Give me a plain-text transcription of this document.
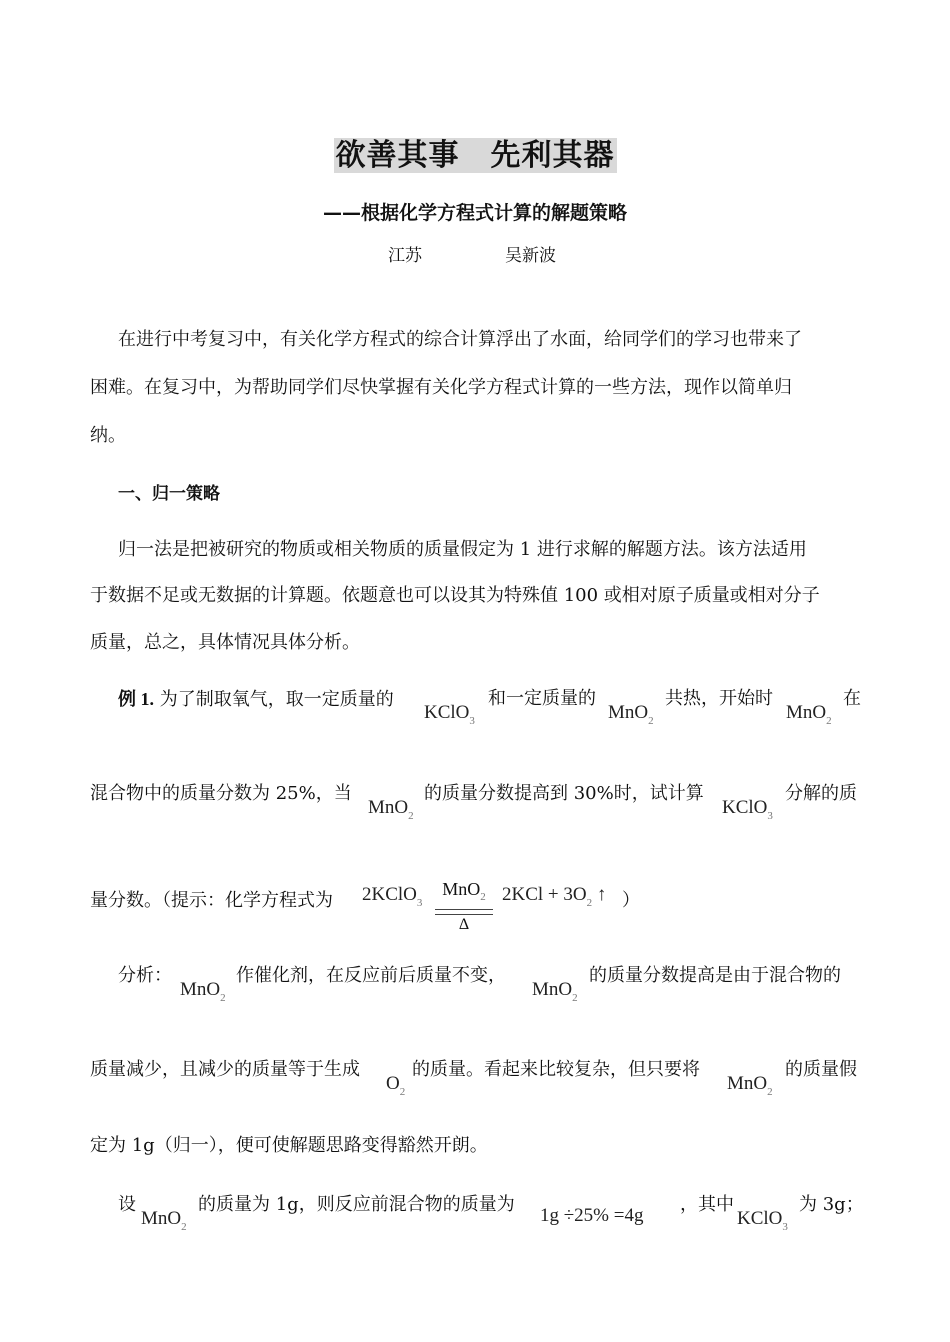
欲善其事　先利其器
——根据化学方程式计算的解题策略
江苏	吴新波
在进行中考复习中，有关化学方程式的综合计算浮出了水面，给同学们的学习也带来了
困难。在复习中，为帮助同学们尽快掌握有关化学方程式计算的一些方法，现作以简单归
纳。
一、归一策略
归一法是把被研究的物质或相关物质的质量假定为 1 进行求解的解题方法。该方法适用
于数据不足或无数据的计算题。依题意也可以设其为特殊值 100 或相对原子质量或相对分子
质量，总之，具体情况具体分析。
例 1. 为了制取氧气，取一定质量的
KClO$_3$
和一定质量的
MnO$_2$
共热，开始时
MnO$_2$
在
混合物中的质量分数为 25%，当
MnO$_2$
的质量分数提高到 30%时，试计算
KClO$_3$
分解的质
量分数。（提示：化学方程式为 2KClO$_3$
MnO$_2$
Δ
$2KCl + 3O_2$ ↑ ）
分析：
MnO$_2$
作催化剂，在反应前后质量不变，
MnO$_2$
的质量分数提高是由于混合物的
质量减少，且减少的质量等于生成
$O_2$
的质量。看起来比较复杂，但只要将
MnO$_2$
的质量假
定为 1g（归一），便可使解题思路变得豁然开朗。
设
MnO$_2$
的质量为 1g，则反应前混合物的质量为
1g ÷25% =4g
，其中
KClO$_3$
为 3g；
